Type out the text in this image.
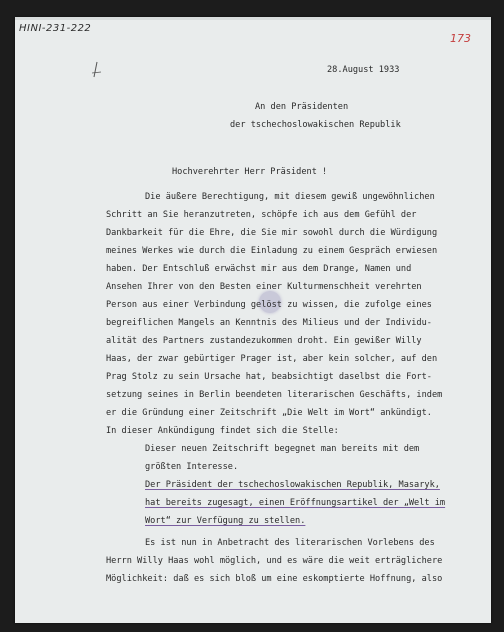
HINI-231-222
173
28.August 1933
An den Präsidenten
der tschechoslowakischen Republik
Hochverehrter Herr Präsident !
Die äußere Berechtigung, mit diesem gewiß ungewöhnlichen
Schritt an Sie heranzutreten, schöpfe ich aus dem Gefühl der
Dankbarkeit für die Ehre, die Sie mir sowohl durch die Würdigung
meines Werkes wie durch die Einladung zu einem Gespräch erwiesen
haben. Der Entschluß erwächst mir aus dem Drange, Namen und
Ansehen Ihrer von den Besten einer Kulturmenschheit verehrten
Person aus einer Verbindung gelöst zu wissen, die zufolge eines
begreiflichen Mangels an Kenntnis des Milieus und der Individu-
alität des Partners zustandezukommen droht. Ein gewißer Willy
Haas, der zwar gebürtiger Prager ist, aber kein solcher, auf den
Prag Stolz zu sein Ursache hat, beabsichtigt daselbst die Fort-
setzung seines in Berlin beendeten literarischen Geschäfts, indem
er die Gründung einer Zeitschrift „Die Welt im Wort“ ankündigt.
In dieser Ankündigung findet sich die Stelle:
Dieser neuen Zeitschrift begegnet man bereits mit dem
größten Interesse.
Der Präsident der tschechoslowakischen Republik, Masaryk,
hat bereits zugesagt, einen Eröffnungsartikel der „Welt im
Wort“ zur Verfügung zu stellen.
Es ist nun in Anbetracht des literarischen Vorlebens des
Herrn Willy Haas wohl möglich, und es wäre die weit erträglichere
Möglichkeit: daß es sich bloß um eine eskomptierte Hoffnung, also
